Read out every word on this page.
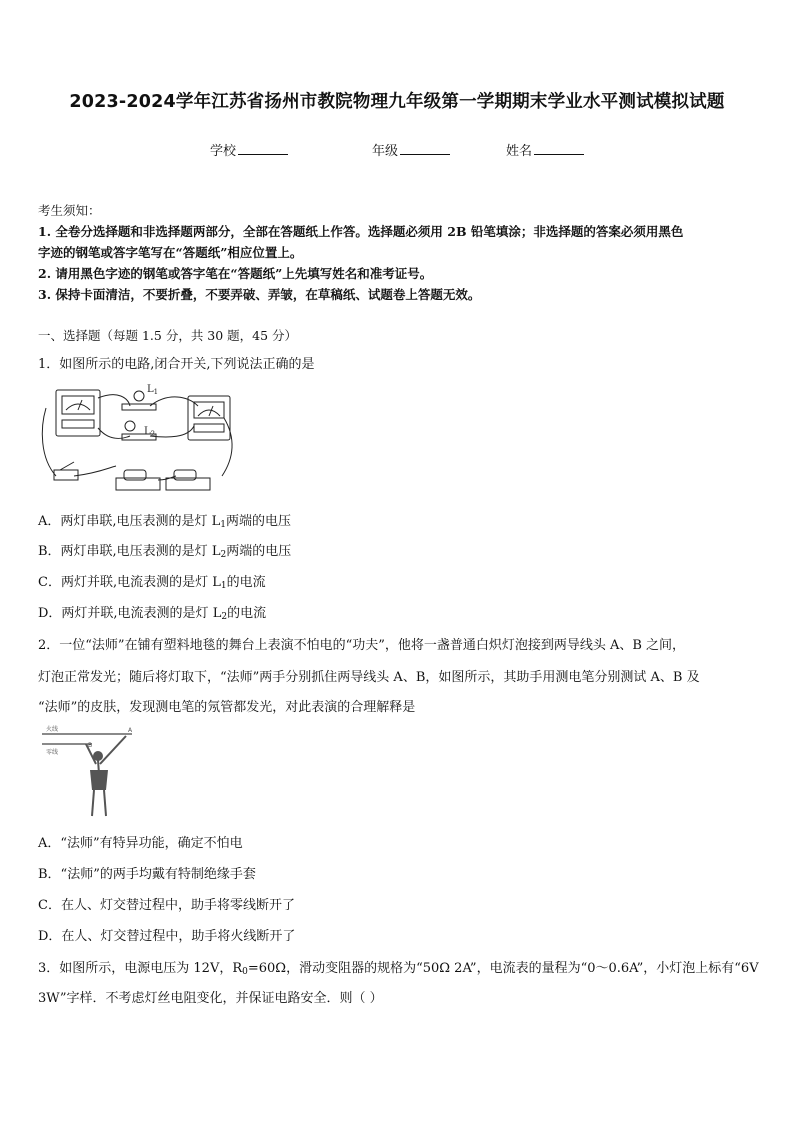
2023-2024学年江苏省扬州市教院物理九年级第一学期期末学业水平测试模拟试题
学校	年级	姓名
考生须知：
1. 全卷分选择题和非选择题两部分，全部在答题纸上作答。选择题必须用 2B 铅笔填涂；非选择题的答案必须用黑色
字迹的钢笔或答字笔写在“答题纸”相应位置上。
2. 请用黑色字迹的钢笔或答字笔在“答题纸”上先填写姓名和准考证号。
3. 保持卡面清洁，不要折叠，不要弄破、弄皱，在草稿纸、试题卷上答题无效。
一、选择题（每题 1.5 分，共 30 题，45 分）
1．如图所示的电路,闭合开关,下列说法正确的是
$L_1$
$L_2$
A．两灯串联,电压表测的是灯 $L_1$两端的电压
B．两灯串联,电压表测的是灯 $L_2$两端的电压
C．两灯并联,电流表测的是灯 $L_1$的电流
D．两灯并联,电流表测的是灯 $L_2$的电流
2．一位“法师”在铺有塑料地毯的舞台上表演不怕电的“功夫”，他将一盏普通白炽灯泡接到两导线头 A、B 之间，
灯泡正常发光；随后将灯取下，“法师”两手分别抓住两导线头 A、B，如图所示，其助手用测电笔分别测试 A、B 及
“法师”的皮肤，发现测电笔的氖管都发光，对此表演的合理解释是
火线
零线
A
B
A．“法师”有特异功能，确定不怕电
B．“法师”的两手均戴有特制绝缘手套
C．在人、灯交替过程中，助手将零线断开了
D．在人、灯交替过程中，助手将火线断开了
3．如图所示，电源电压为 12V，$R_0=60\Omega$，滑动变阻器的规格为“50Ω 2A”，电流表的量程为“0～0.6A”，小灯泡上标有“6V
3W”字样．不考虑灯丝电阻变化，并保证电路安全．则（ ）
